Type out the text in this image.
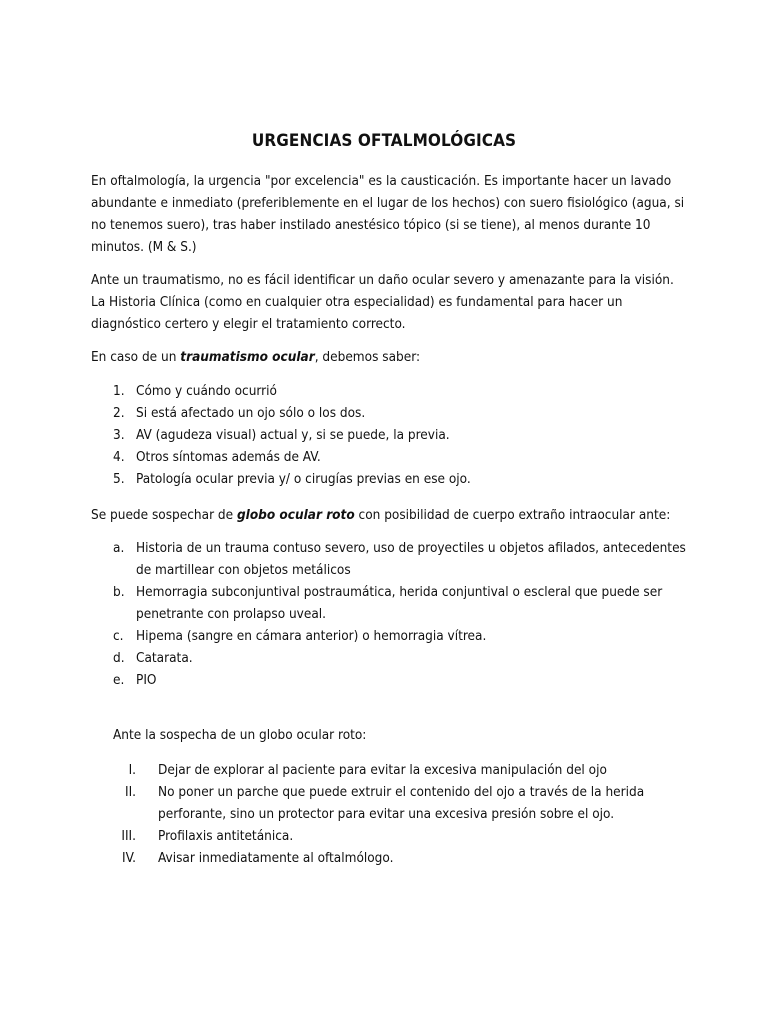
URGENCIAS OFTALMOLÓGICAS

En oftalmología, la urgencia "por excelencia" es la causticación. Es importante hacer un lavado abundante e inmediato (preferiblemente en el lugar de los hechos) con suero fisiológico (agua, si no tenemos suero), tras haber instilado anestésico tópico (si se tiene), al menos durante 10 minutos. (M & S.)

Ante un traumatismo, no es fácil identificar un daño ocular severo y amenazante para la visión. La Historia Clínica (como en cualquier otra especialidad) es fundamental para hacer un diagnóstico certero y elegir el tratamiento correcto.

En caso de un traumatismo ocular, debemos saber:

1. Cómo y cuándo ocurrió
2. Si está afectado un ojo sólo o los dos.
3. AV (agudeza visual) actual y, si se puede, la previa.
4. Otros síntomas además de AV.
5. Patología ocular previa y/ o cirugías previas en ese ojo.

Se puede sospechar de globo ocular roto con posibilidad de cuerpo extraño intraocular ante:

a. Historia de un trauma contuso severo, uso de proyectiles u objetos afilados, antecedentes de martillear con objetos metálicos
b. Hemorragia subconjuntival postraumática, herida conjuntival o escleral que puede ser penetrante con prolapso uveal.
c. Hipema (sangre en cámara anterior) o hemorragia vítrea.
d. Catarata.
e. PIO

Ante la sospecha de un globo ocular roto:

I.	Dejar de explorar al paciente para evitar la excesiva manipulación del ojo
II.	No poner un parche que puede extruir el contenido del ojo a través de la herida perforante, sino un protector para evitar una excesiva presión sobre el ojo.
III.	Profilaxis antitetánica.
IV.	Avisar inmediatamente al oftalmólogo.
